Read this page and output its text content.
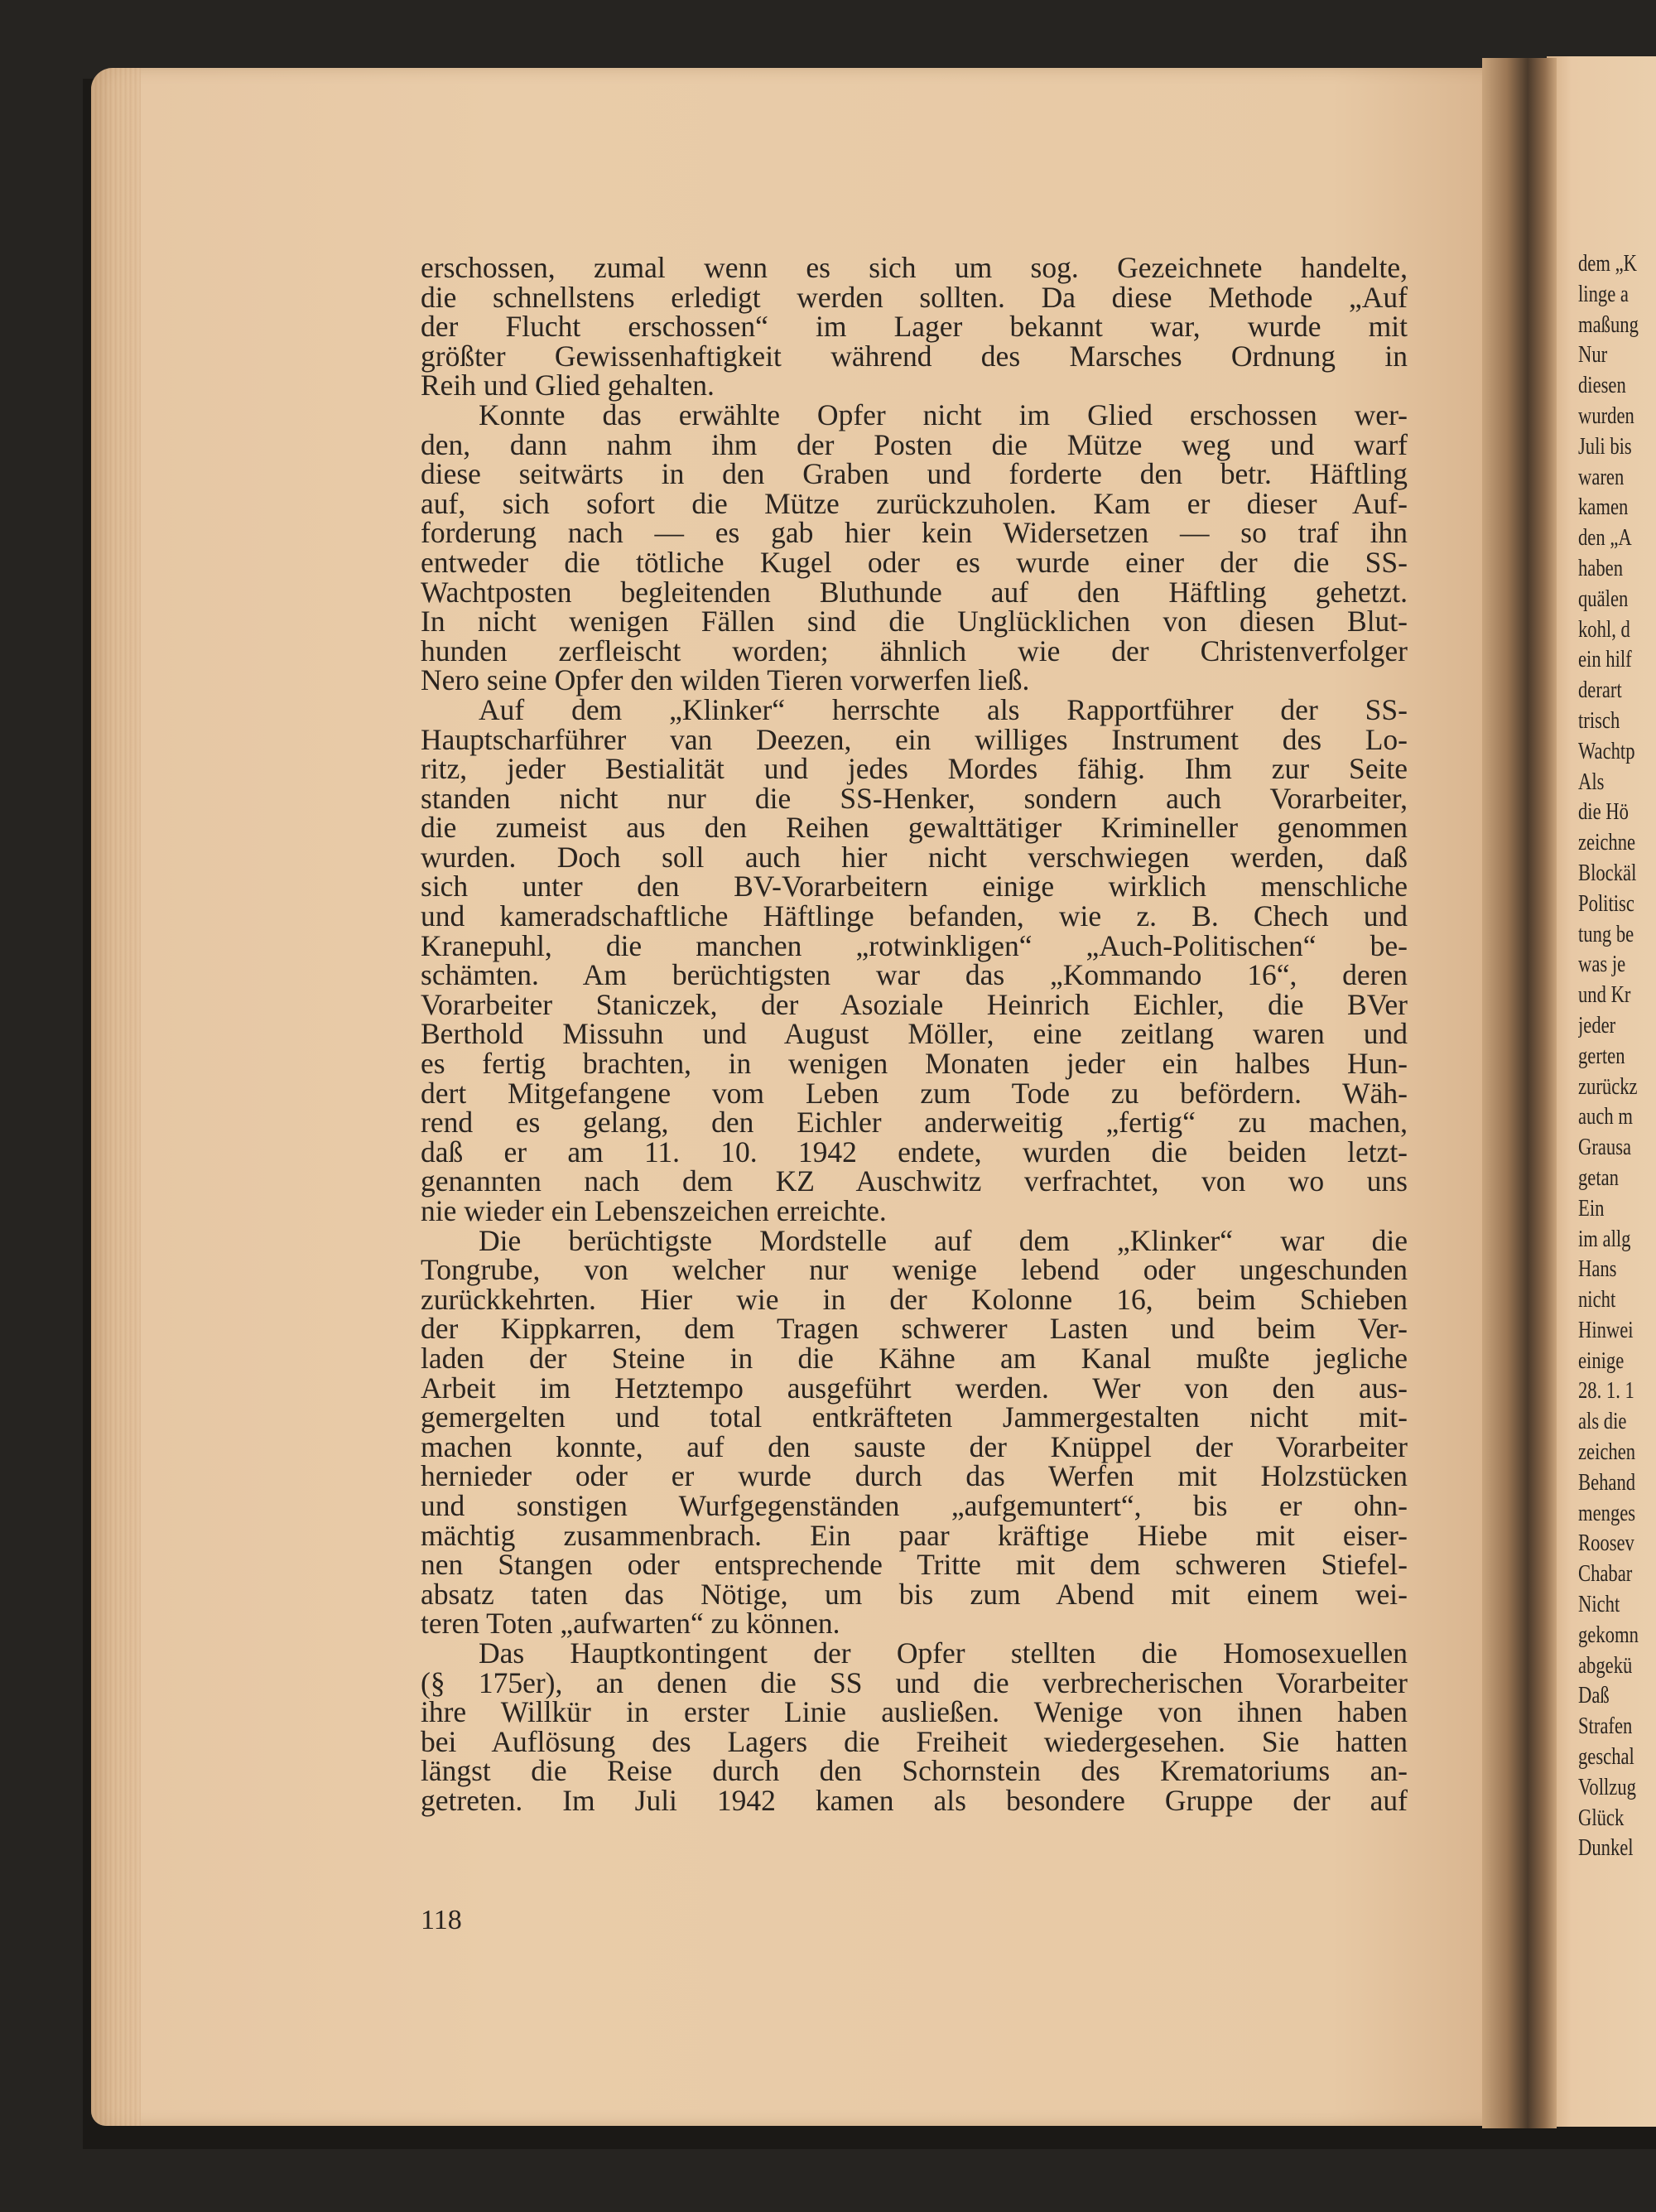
erschossen, zumal wenn es sich um sog. Gezeichnete handelte,
die schnellstens erledigt werden sollten. Da diese Methode „Auf
der Flucht erschossen“ im Lager bekannt war, wurde mit
größter Gewissenhaftigkeit während des Marsches Ordnung in
Reih und Glied gehalten.
Konnte das erwählte Opfer nicht im Glied erschossen wer-
den, dann nahm ihm der Posten die Mütze weg und warf
diese seitwärts in den Graben und forderte den betr. Häftling
auf, sich sofort die Mütze zurückzuholen. Kam er dieser Auf-
forderung nach — es gab hier kein Widersetzen — so traf ihn
entweder die tötliche Kugel oder es wurde einer der die SS-
Wachtposten begleitenden Bluthunde auf den Häftling gehetzt.
In nicht wenigen Fällen sind die Unglücklichen von diesen Blut-
hunden zerfleischt worden; ähnlich wie der Christenverfolger
Nero seine Opfer den wilden Tieren vorwerfen ließ.
Auf dem „Klinker“ herrschte als Rapportführer der SS-
Hauptscharführer van Deezen, ein williges Instrument des Lo-
ritz, jeder Bestialität und jedes Mordes fähig. Ihm zur Seite
standen nicht nur die SS-Henker, sondern auch Vorarbeiter,
die zumeist aus den Reihen gewalttätiger Krimineller genommen
wurden. Doch soll auch hier nicht verschwiegen werden, daß
sich unter den BV-Vorarbeitern einige wirklich menschliche
und kameradschaftliche Häftlinge befanden, wie z. B. Chech und
Kranepuhl, die manchen „rotwinkligen“ „Auch-Politischen“ be-
schämten. Am berüchtigsten war das „Kommando 16“, deren
Vorarbeiter Staniczek, der Asoziale Heinrich Eichler, die BVer
Berthold Missuhn und August Möller, eine zeitlang waren und
es fertig brachten, in wenigen Monaten jeder ein halbes Hun-
dert Mitgefangene vom Leben zum Tode zu befördern. Wäh-
rend es gelang, den Eichler anderweitig „fertig“ zu machen,
daß er am 11. 10. 1942 endete, wurden die beiden letzt-
genannten nach dem KZ Auschwitz verfrachtet, von wo uns
nie wieder ein Lebenszeichen erreichte.
Die berüchtigste Mordstelle auf dem „Klinker“ war die
Tongrube, von welcher nur wenige lebend oder ungeschunden
zurückkehrten. Hier wie in der Kolonne 16, beim Schieben
der Kippkarren, dem Tragen schwerer Lasten und beim Ver-
laden der Steine in die Kähne am Kanal mußte jegliche
Arbeit im Hetztempo ausgeführt werden. Wer von den aus-
gemergelten und total entkräfteten Jammergestalten nicht mit-
machen konnte, auf den sauste der Knüppel der Vorarbeiter
hernieder oder er wurde durch das Werfen mit Holzstücken
und sonstigen Wurfgegenständen „aufgemuntert“, bis er ohn-
mächtig zusammenbrach. Ein paar kräftige Hiebe mit eiser-
nen Stangen oder entsprechende Tritte mit dem schweren Stiefel-
absatz taten das Nötige, um bis zum Abend mit einem wei-
teren Toten „aufwarten“ zu können.
Das Hauptkontingent der Opfer stellten die Homosexuellen
(§ 175er), an denen die SS und die verbrecherischen Vorarbeiter
ihre Willkür in erster Linie ausließen. Wenige von ihnen haben
bei Auflösung des Lagers die Freiheit wiedergesehen. Sie hatten
längst die Reise durch den Schornstein des Krematoriums an-
getreten. Im Juli 1942 kamen als besondere Gruppe der auf
118
dem „K
linge a
maßung
Nur
diesen
wurden
Juli bis
waren
kamen
den „A
haben
quälen
kohl, d
ein hilf
derart
trisch
Wachtp
Als
die Hö
zeichne
Blockäl
Politisc
tung be
was je
und Kr
jeder
gerten
zurückz
auch m
Grausa
getan
Ein
im allg
Hans
nicht
Hinwei
einige
28. 1. 1
als die
zeichen
Behand
menges
Roosev
Chabar
Nicht
gekomn
abgekü
Daß
Strafen
geschal
Vollzug
Glück
Dunkel
